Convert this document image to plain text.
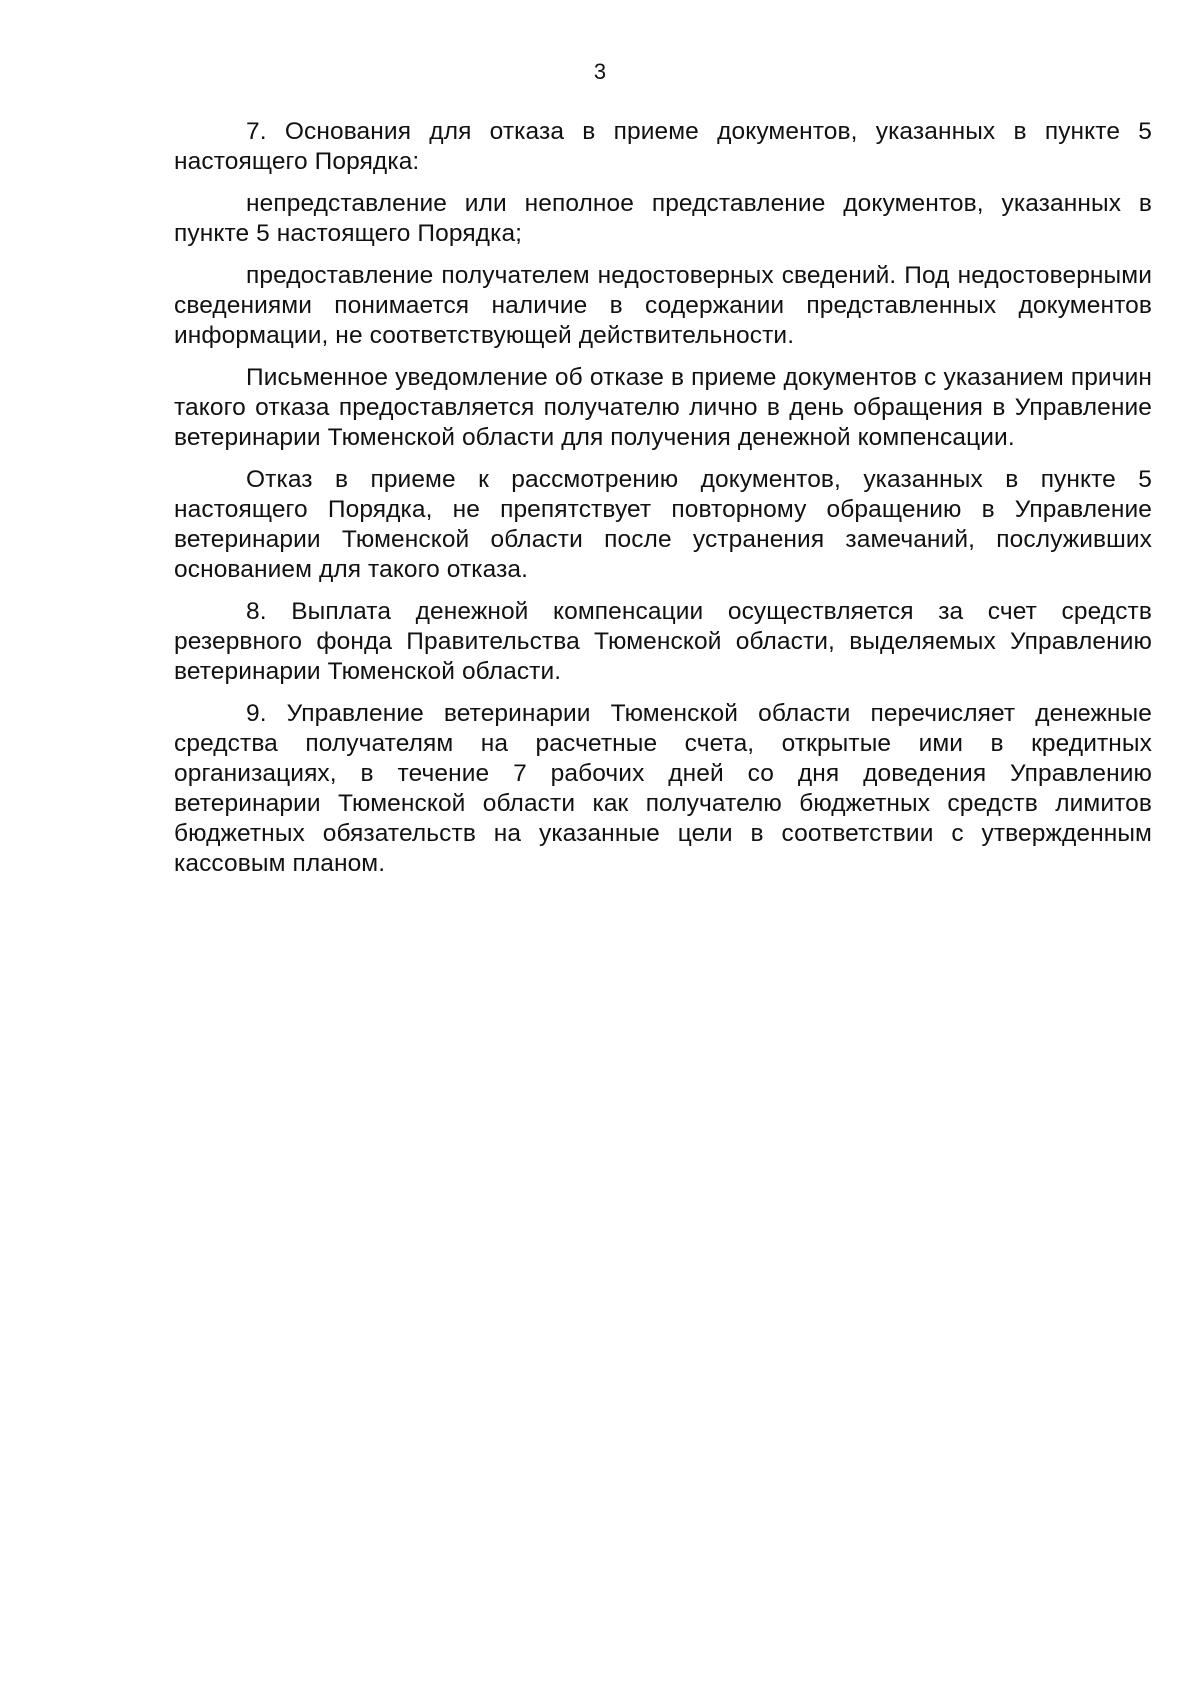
3

7. Основания для отказа в приеме документов, указанных в пункте 5 настоящего Порядка:

непредставление или неполное представление документов, указанных в пункте 5 настоящего Порядка;

предоставление получателем недостоверных сведений. Под недостоверными сведениями понимается наличие в содержании представленных документов информации, не соответствующей действительности.

Письменное уведомление об отказе в приеме документов с указанием причин такого отказа предоставляется получателю лично в день обращения в Управление ветеринарии Тюменской области для получения денежной компенсации.

Отказ в приеме к рассмотрению документов, указанных в пункте 5 настоящего Порядка, не препятствует повторному обращению в Управление ветеринарии Тюменской области после устранения замечаний, послуживших основанием для такого отказа.

8. Выплата денежной компенсации осуществляется за счет средств резервного фонда Правительства Тюменской области, выделяемых Управлению ветеринарии Тюменской области.

9. Управление ветеринарии Тюменской области перечисляет денежные средства получателям на расчетные счета, открытые ими в кредитных организациях, в течение 7 рабочих дней со дня доведения Управлению ветеринарии Тюменской области как получателю бюджетных средств лимитов бюджетных обязательств на указанные цели в соответствии с утвержденным кассовым планом.
